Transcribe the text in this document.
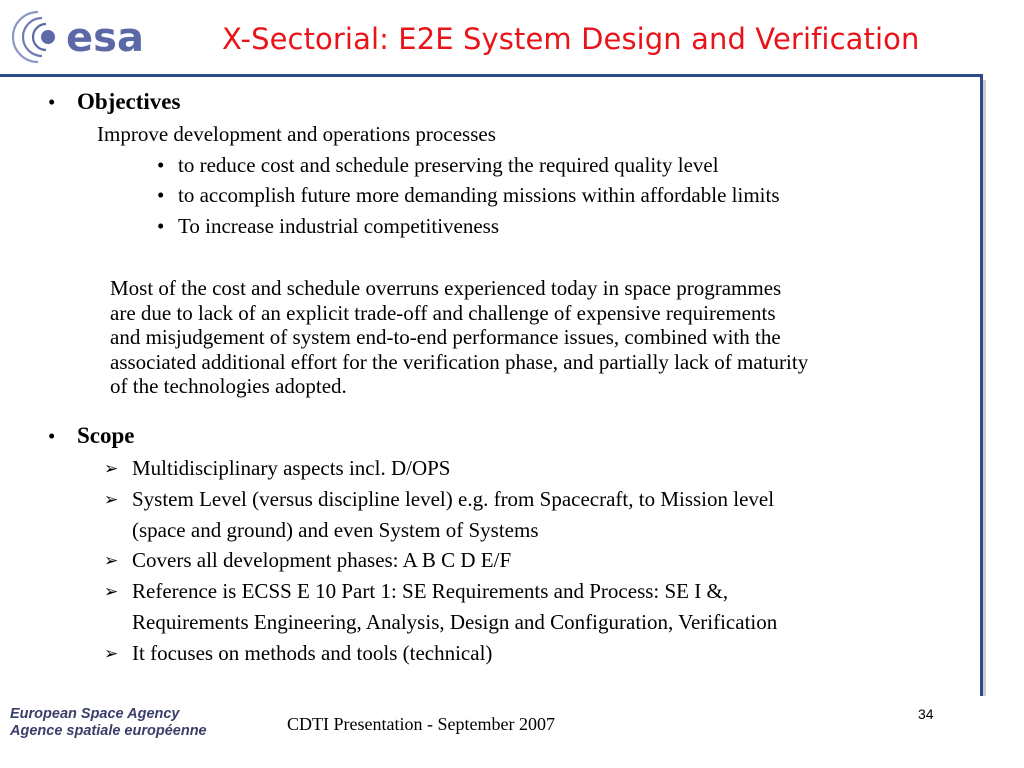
esa	X-Sectorial: E2E System Design and Verification
• Objectives
Improve development and operations processes
• to reduce cost and schedule preserving the required quality level
• to accomplish future more demanding missions within affordable limits
• To increase industrial competitiveness
Most of the cost and schedule overruns experienced today in space programmes
are due to lack of an explicit trade-off and challenge of expensive requirements
and misjudgement of system end-to-end performance issues, combined with the
associated additional effort for the verification phase, and partially lack of maturity
of the technologies adopted.
• Scope
➢ Multidisciplinary aspects incl. D/OPS
➢ System Level (versus discipline level) e.g. from Spacecraft, to Mission level
(space and ground) and even System of Systems
➢ Covers all development phases: A B C D E/F
➢ Reference is ECSS E 10 Part 1: SE Requirements and Process: SE I &,
Requirements Engineering, Analysis, Design and Configuration, Verification
➢ It focuses on methods and tools (technical)
European Space Agency
Agence spatiale européenne	CDTI Presentation - September 2007	34
